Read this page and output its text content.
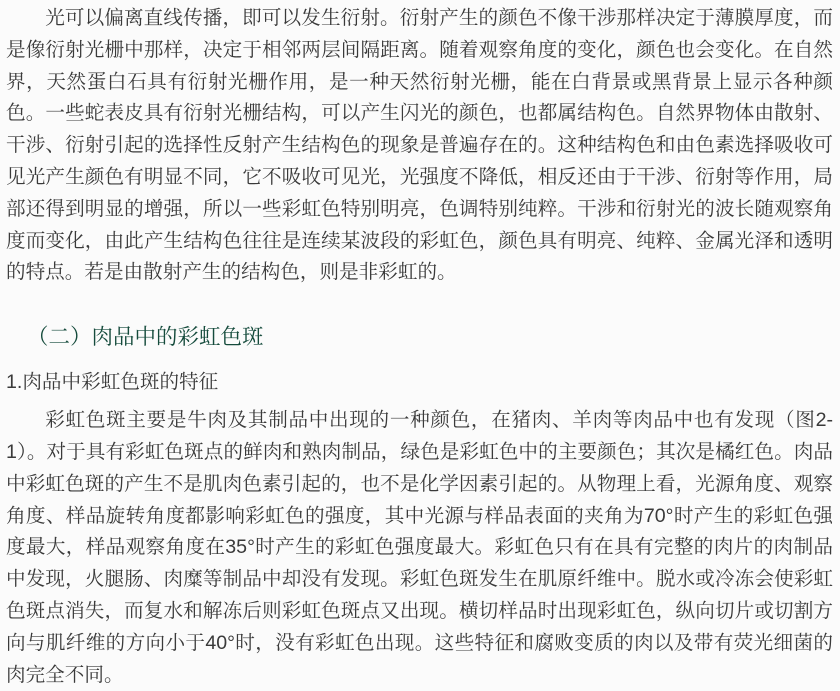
光可以偏离直线传播，即可以发生衍射。衍射产生的颜色不像干涉那样决定于薄膜厚度，而是像衍射光栅中那样，决定于相邻两层间隔距离。随着观察角度的变化，颜色也会变化。在自然界，天然蛋白石具有衍射光栅作用，是一种天然衍射光栅，能在白背景或黑背景上显示各种颜色。一些蛇表皮具有衍射光栅结构，可以产生闪光的颜色，也都属结构色。自然界物体由散射、干涉、衍射引起的选择性反射产生结构色的现象是普遍存在的。这种结构色和由色素选择吸收可见光产生颜色有明显不同，它不吸收可见光，光强度不降低，相反还由于干涉、衍射等作用，局部还得到明显的增强，所以一些彩虹色特别明亮，色调特别纯粹。干涉和衍射光的波长随观察角度而变化，由此产生结构色往往是连续某波段的彩虹色，颜色具有明亮、纯粹、金属光泽和透明的特点。若是由散射产生的结构色，则是非彩虹的。

（二）肉品中的彩虹色斑
1.肉品中彩虹色斑的特征

彩虹色斑主要是牛肉及其制品中出现的一种颜色，在猪肉、羊肉等肉品中也有发现（图2-1）。对于具有彩虹色斑点的鲜肉和熟肉制品，绿色是彩虹色中的主要颜色；其次是橘红色。肉品中彩虹色斑的产生不是肌肉色素引起的，也不是化学因素引起的。从物理上看，光源角度、观察角度、样品旋转角度都影响彩虹色的强度，其中光源与样品表面的夹角为70°时产生的彩虹色强度最大，样品观察角度在35°时产生的彩虹色强度最大。彩虹色只有在具有完整的肉片的肉制品中发现，火腿肠、肉糜等制品中却没有发现。彩虹色斑发生在肌原纤维中。脱水或冷冻会使彩虹色斑点消失，而复水和解冻后则彩虹色斑点又出现。横切样品时出现彩虹色，纵向切片或切割方向与肌纤维的方向小于40°时，没有彩虹色出现。这些特征和腐败变质的肉以及带有荧光细菌的肉完全不同。
